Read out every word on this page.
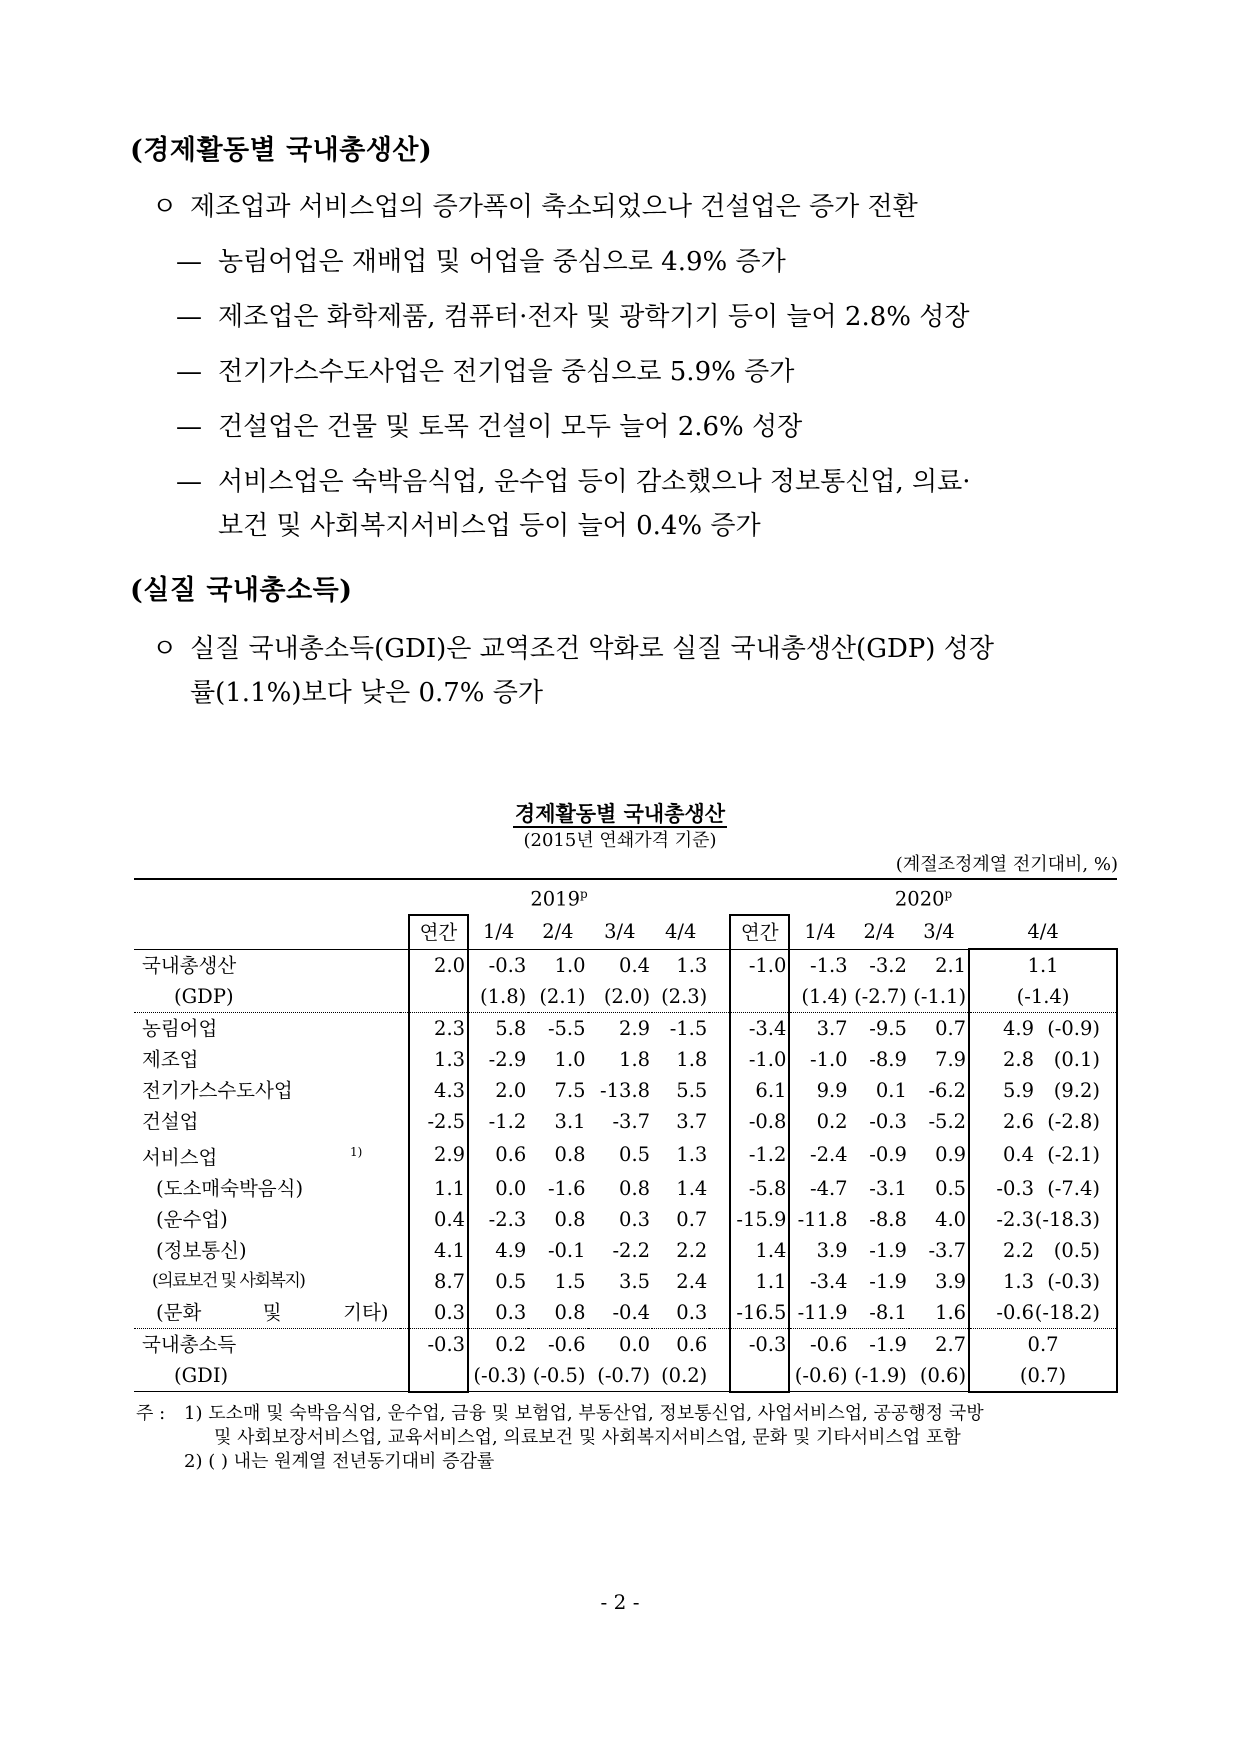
(경제활동별 국내총생산)
ㅇ 제조업과 서비스업의 증가폭이 축소되었으나 건설업은 증가 전환
— 농림어업은 재배업 및 어업을 중심으로 4.9% 증가
— 제조업은 화학제품, 컴퓨터·전자 및 광학기기 등이 늘어 2.8% 성장
— 전기가스수도사업은 전기업을 중심으로 5.9% 증가
— 건설업은 건물 및 토목 건설이 모두 늘어 2.6% 성장
— 서비스업은 숙박음식업, 운수업 등이 감소했으나 정보통신업, 의료·
보건 및 사회복지서비스업 등이 늘어 0.4% 증가
(실질 국내총소득)
ㅇ 실질 국내총소득(GDI)은 교역조건 악화로 실질 국내총생산(GDP) 성장
률(1.1%)보다 낮은 0.7% 증가
경제활동별 국내총생산
(2015년 연쇄가격 기준)
(계절조정계열 전기대비, %)
		2019$^p$						2020$^p$
		연간	1/4	2/4	3/4	4/4		연간	1/4	2/4	3/4	4/4
국내총생산		2.0	-0.3	1.0	0.4	1.3		-1.0	-1.3	-3.2	2.1	1.1
(GDP)			(1.8)	(2.1)	(2.0)	(2.3)			(1.4)	(-2.7)	(-1.1)	(-1.4)
농림어업		2.3	5.8	-5.5	2.9	-1.5		-3.4	3.7	-9.5	0.7	4.9 (-0.9)
제조업		1.3	-2.9	1.0	1.8	1.8		-1.0	-1.0	-8.9	7.9	2.8 (0.1)
전기가스수도사업		4.3	2.0	7.5	-13.8	5.5		6.1	9.9	0.1	-6.2	5.9 (9.2)
건설업		-2.5	-1.2	3.1	-3.7	3.7		-0.8	0.2	-0.3	-5.2	2.6 (-2.8)
서비스업 $^{1)}$		2.9	0.6	0.8	0.5	1.3		-1.2	-2.4	-0.9	0.9	0.4 (-2.1)
(도소매숙박음식)		1.1	0.0	-1.6	0.8	1.4		-5.8	-4.7	-3.1	0.5	-0.3 (-7.4)
(운수업)		0.4	-2.3	0.8	0.3	0.7		-15.9	-11.8	-8.8	4.0	-2.3(-18.3)
(정보통신)		4.1	4.9	-0.1	-2.2	2.2		1.4	3.9	-1.9	-3.7	2.2 (0.5)
(의료보건 및 사회복지)		8.7	0.5	1.5	3.5	2.4		1.1	-3.4	-1.9	3.9	1.3 (-0.3)
(문화 및 기타)		0.3	0.3	0.8	-0.4	0.3		-16.5	-11.9	-8.1	1.6	-0.6(-18.2)
국내총소득		-0.3	0.2	-0.6	0.0	0.6		-0.3	-0.6	-1.9	2.7	0.7
(GDI)			(-0.3)	(-0.5)	(-0.7)	(0.2)			(-0.6)	(-1.9)	(0.6)	(0.7)
주 : 1) 도소매 및 숙박음식업, 운수업, 금융 및 보험업, 부동산업, 정보통신업, 사업서비스업, 공공행정 국방
및 사회보장서비스업, 교육서비스업, 의료보건 및 사회복지서비스업, 문화 및 기타서비스업 포함
2) ( ) 내는 원계열 전년동기대비 증감률
- 2 -
